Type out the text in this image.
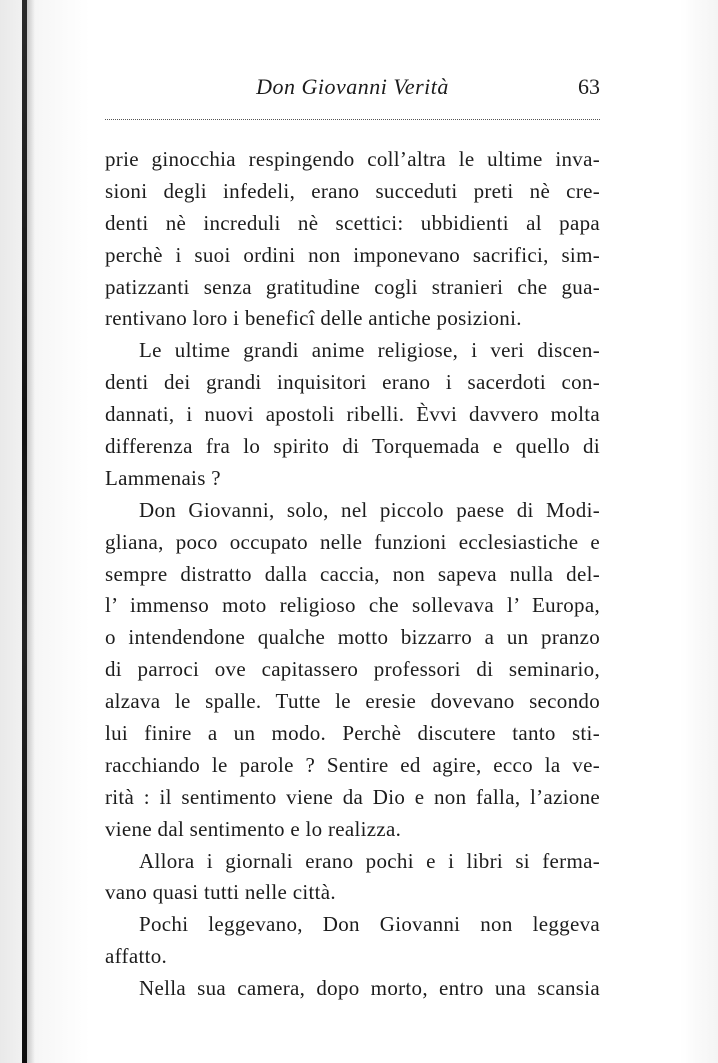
Don Giovanni Verità	63
prie ginocchia respingendo coll’altra le ultime inva-
sioni degli infedeli, erano succeduti preti nè cre-
denti nè increduli nè scettici: ubbidienti al papa
perchè i suoi ordini non imponevano sacrifici, sim-
patizzanti senza gratitudine cogli stranieri che gua-
rentivano loro i beneficî delle antiche posizioni.
Le ultime grandi anime religiose, i veri discen-
denti dei grandi inquisitori erano i sacerdoti con-
dannati, i nuovi apostoli ribelli. Èvvi davvero molta
differenza fra lo spirito di Torquemada e quello di
Lammenais ?
Don Giovanni, solo, nel piccolo paese di Modi-
gliana, poco occupato nelle funzioni ecclesiastiche e
sempre distratto dalla caccia, non sapeva nulla del-
l’ immenso moto religioso che sollevava l’ Europa,
o intendendone qualche motto bizzarro a un pranzo
di parroci ove capitassero professori di seminario,
alzava le spalle. Tutte le eresie dovevano secondo
lui finire a un modo. Perchè discutere tanto sti-
racchiando le parole ? Sentire ed agire, ecco la ve-
rità : il sentimento viene da Dio e non falla, l’azione
viene dal sentimento e lo realizza.
Allora i giornali erano pochi e i libri si ferma-
vano quasi tutti nelle città.
Pochi leggevano, Don Giovanni non leggeva
affatto.
Nella sua camera, dopo morto, entro una scansia
